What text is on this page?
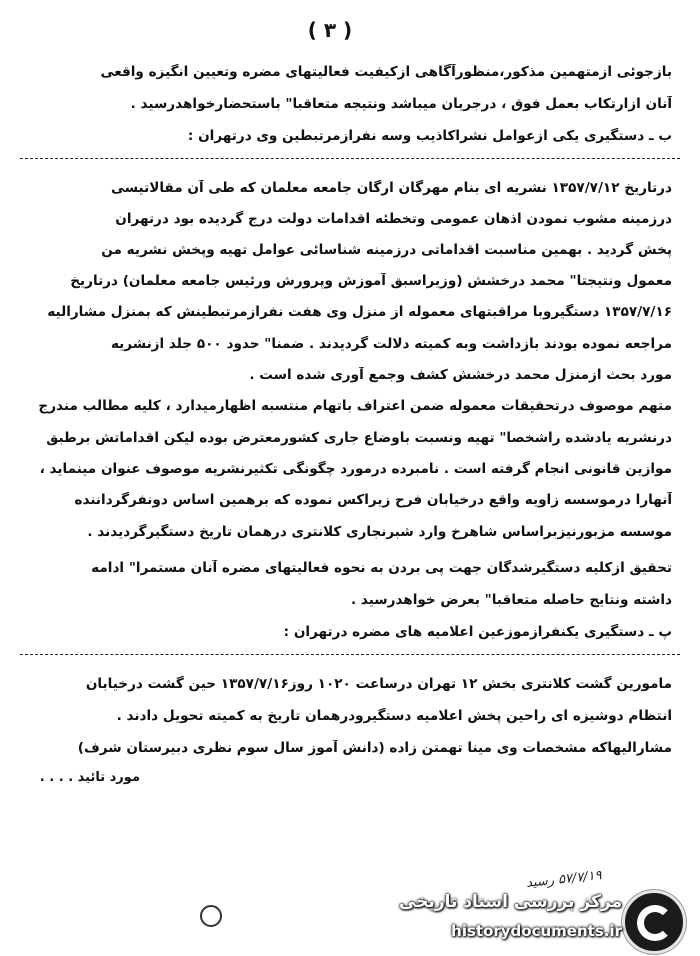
( ۳ )
بازجوئی ازمتهمین مذکور،منظورآگاهی ازکیفیت فعالیتهای مضره وتعیین انگیزه واقعی
آنان ازارتکاب بعمل فوق ، درجریان میباشد ونتیجه متعاقبا" باستحضارخواهدرسید .
ب ـ دستگیری یکی ازعوامل نشراکاذیب وسه نفرازمرتبطین وی درتهران :
درتاریخ ۱۳۵۷/۷/۱۲ نشریه ای بنام مهرگان ارگان جامعه معلمان که طی آن مقالاتیسی
درزمینه مشوب نمودن اذهان عمومی وتخطئه اقدامات دولت درج گردیده بود درتهران
پخش گردید . بهمین مناسبت اقداماتی درزمینه شناسائی عوامل تهیه وپخش نشریه من
معمول ونتیجتا" محمد درخشش (وزیراسبق آموزش وپرورش ورئیس جامعه معلمان) درتاریخ
۱۳۵۷/۷/۱۶ دستگیروبا مراقبتهای معموله از منزل وی هفت نفرازمرتبطینش که بمنزل مشارالیه
مراجعه نموده بودند بازداشت وبه کمیته دلالت گردیدند . ضمنا" حدود ۵۰۰ جلد ازنشریه
مورد بحث ازمنزل محمد درخشش کشف وجمع آوری شده است .
متهم موصوف درتحقیقات معموله ضمن اعتراف باتهام منتسبه اظهارمیدارد ، کلیه مطالب مندرج
درنشریه یادشده راشخصا" تهیه ونسبت باوضاع جاری کشورمعترض بوده لیکن اقداماتش برطبق
موازین قانونی انجام گرفته است . نامبرده درمورد چگونگی تکثیرنشریه موصوف عنوان مینماید ،
آنهارا درموسسه زاویه واقع درخیابان فرح زیراکس نموده که برهمین اساس دونفرگرداننده
موسسه مزبورنیزبراساس شاهرخ وارد شبرنجاری کلانتری درهمان تاریخ دستگیرگردیدند .
تحقیق ازکلیه دستگیرشدگان جهت پی بردن به نحوه فعالیتهای مضره آنان مستمرا" ادامه
داشته ونتایج حاصله متعاقبا" بعرض خواهدرسید .
پ ـ دستگیری یکنفرازموزعین اعلامیه های مضره درتهران :
مامورین گشت کلانتری بخش ۱۲ تهران درساعت ۱۰۲۰ روز۱۳۵۷/۷/۱۶ حین گشت درخیابان
انتظام دوشیزه ای راحین پخش اعلامیه دستگیرودرهمان تاریخ به کمیته تحویل دادند .
مشارالیهاکه مشخصات وی مینا تهمتن زاده (دانش آموز سال سوم نظری دبیرستان شرف)
مورد تائید . . . .
۵۷/۷/۱۹ رسید
مرکز بررسی اسناد تاریخی
historydocuments.ir
